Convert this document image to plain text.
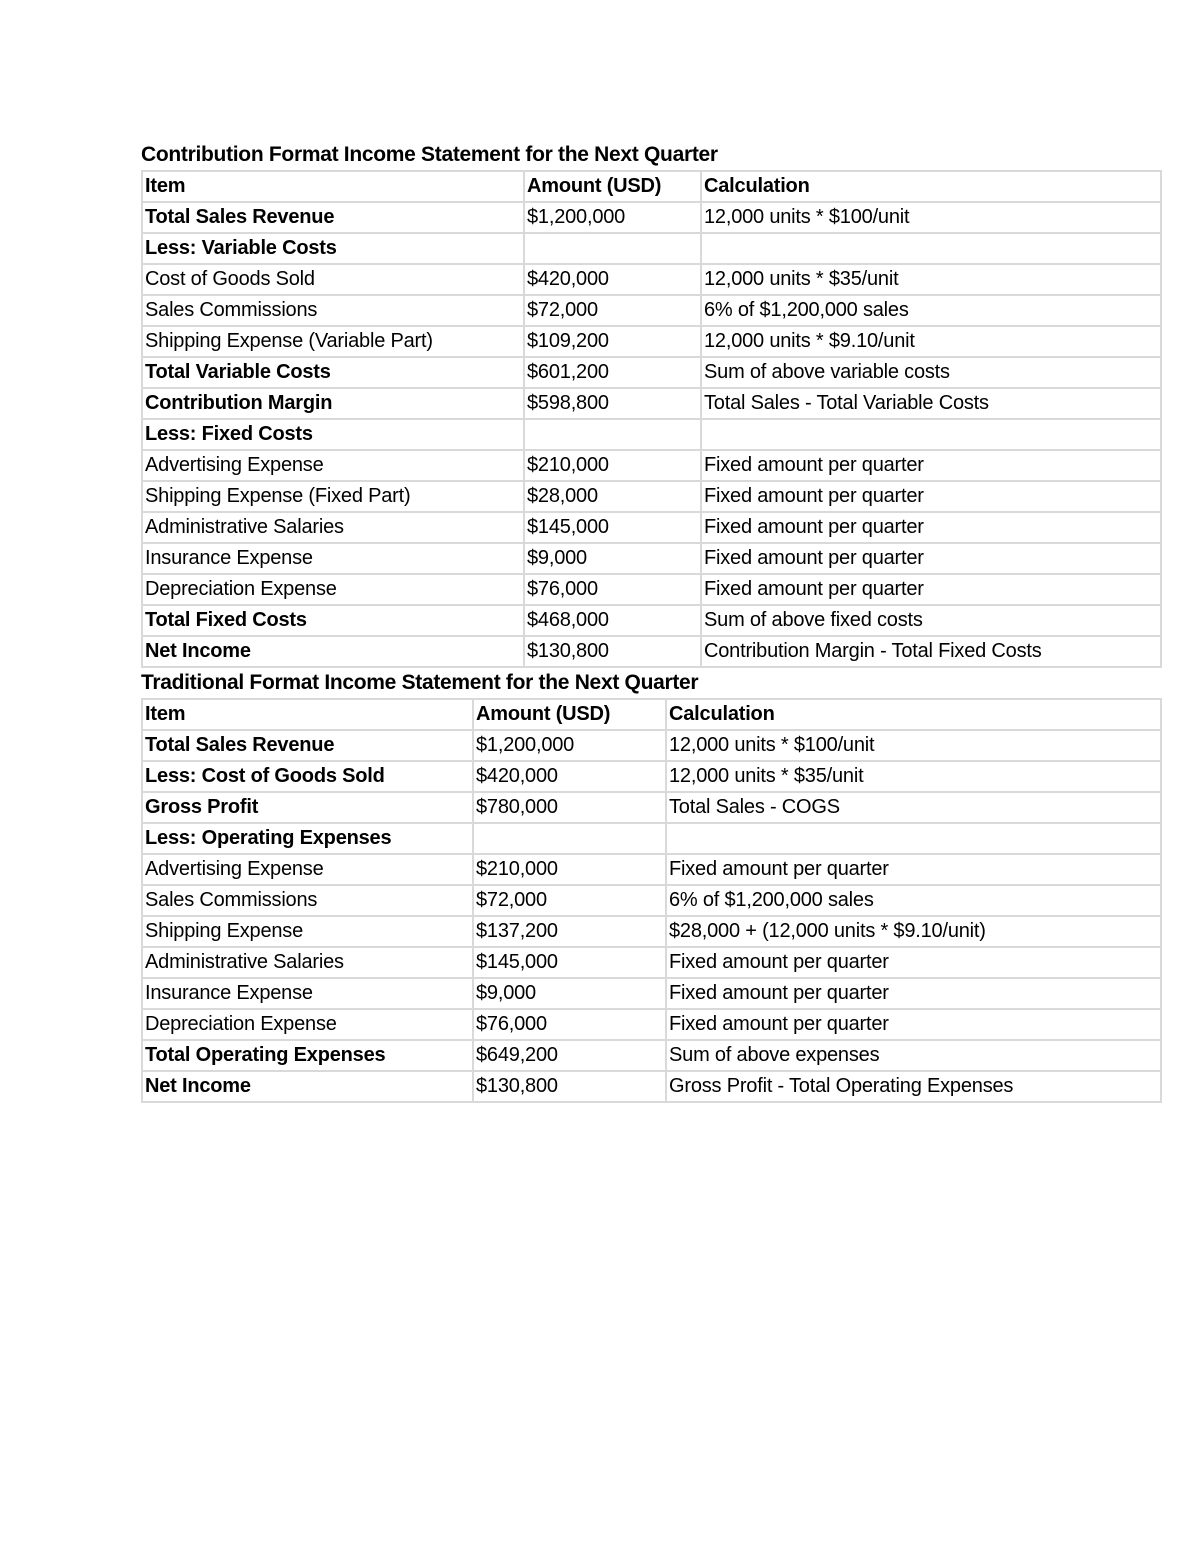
Contribution Format Income Statement for the Next Quarter
Item	Amount (USD)	Calculation
Total Sales Revenue	$1,200,000	12,000 units * $100/unit
Less: Variable Costs		
Cost of Goods Sold	$420,000	12,000 units * $35/unit
Sales Commissions	$72,000	6% of $1,200,000 sales
Shipping Expense (Variable Part)	$109,200	12,000 units * $9.10/unit
Total Variable Costs	$601,200	Sum of above variable costs
Contribution Margin	$598,800	Total Sales - Total Variable Costs
Less: Fixed Costs		
Advertising Expense	$210,000	Fixed amount per quarter
Shipping Expense (Fixed Part)	$28,000	Fixed amount per quarter
Administrative Salaries	$145,000	Fixed amount per quarter
Insurance Expense	$9,000	Fixed amount per quarter
Depreciation Expense	$76,000	Fixed amount per quarter
Total Fixed Costs	$468,000	Sum of above fixed costs
Net Income	$130,800	Contribution Margin - Total Fixed Costs
Traditional Format Income Statement for the Next Quarter
Item	Amount (USD)	Calculation
Total Sales Revenue	$1,200,000	12,000 units * $100/unit
Less: Cost of Goods Sold	$420,000	12,000 units * $35/unit
Gross Profit	$780,000	Total Sales - COGS
Less: Operating Expenses		
Advertising Expense	$210,000	Fixed amount per quarter
Sales Commissions	$72,000	6% of $1,200,000 sales
Shipping Expense	$137,200	$28,000 + (12,000 units * $9.10/unit)
Administrative Salaries	$145,000	Fixed amount per quarter
Insurance Expense	$9,000	Fixed amount per quarter
Depreciation Expense	$76,000	Fixed amount per quarter
Total Operating Expenses	$649,200	Sum of above expenses
Net Income	$130,800	Gross Profit - Total Operating Expenses
